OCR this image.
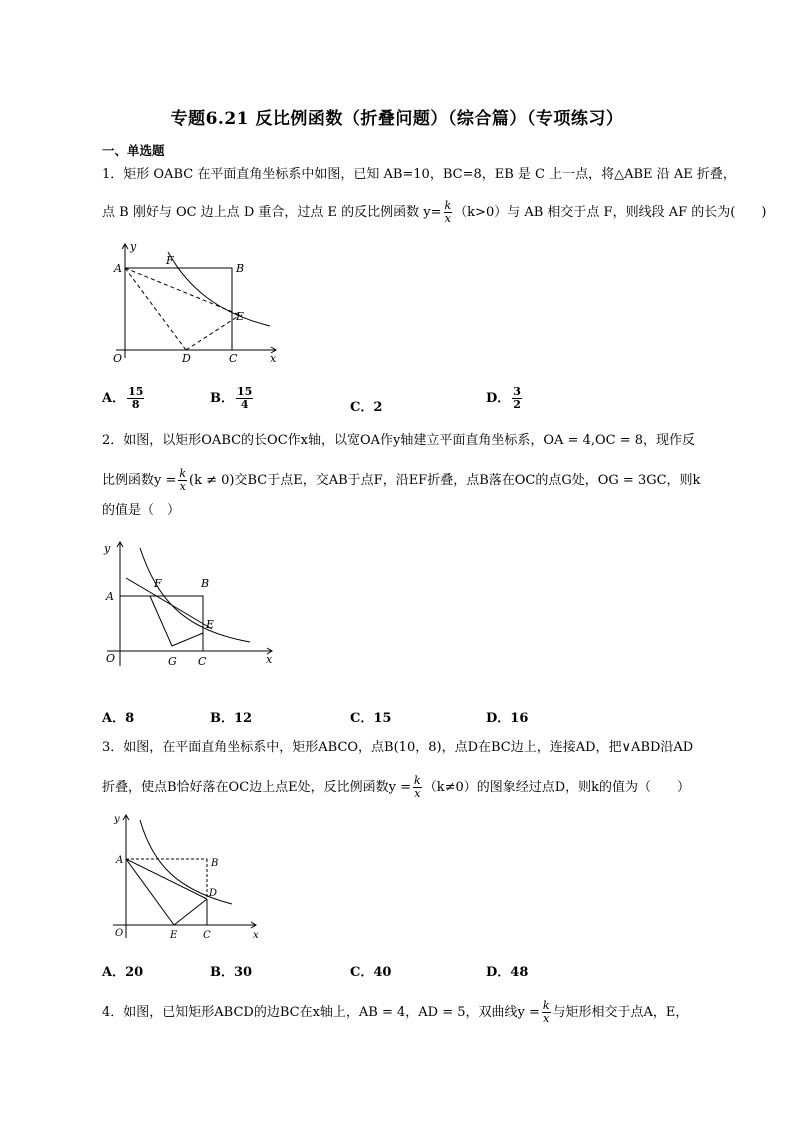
专题6.21 反比例函数（折叠问题）（综合篇）（专项练习）
一、单选题
1．矩形 OABC 在平面直角坐标系中如图，已知 AB=10，BC=8，EB 是 C 上一点，将△ABE 沿 AE 折叠，
点 B 刚好与 OC 边上点 D 重合，过点 E 的反比例函数 $y= \frac{k}{x} (k>0)$与 AB 相交于点 F，则线段 AF 的长为(　　)
y
A
F
B
E
O	D	C	x
A． $\frac{15}{8}$	B． $\frac{15}{4}$	C．2
D． $\frac{3}{2}$
2．如图，以矩形OABC的长OC作x轴，以宽OA作y轴建立平面直角坐标系，OA = 4,OC = 8，现作反
比例函数$y = \frac{k}{x} (k \ne 0)$交BC于点E，交AB于点F，沿EF折叠，点B落在OC的点G处，OG = 3GC，则k
的值是（　）
y
F	B
A
E
O	G C	x
A．8	B．12	C．15	D．16
3．如图，在平面直角坐标系中，矩形ABCO，点B(10，8)，点D在BC边上，连接AD，把∨ABD沿AD
折叠，使点B恰好落在OC边上点E处，反比例函数$y = \frac{k}{x} (k\ne 0)$的图象经过点D，则k的值为（　　）
y
A	B
D
O	E	C	x
A．20	B．30	C．40	D．48
4．如图，已知矩形ABCD的边BC在x轴上，AB = 4，AD = 5，双曲线$y = \frac{k}{x}$ 与矩形相交于点A，E，
